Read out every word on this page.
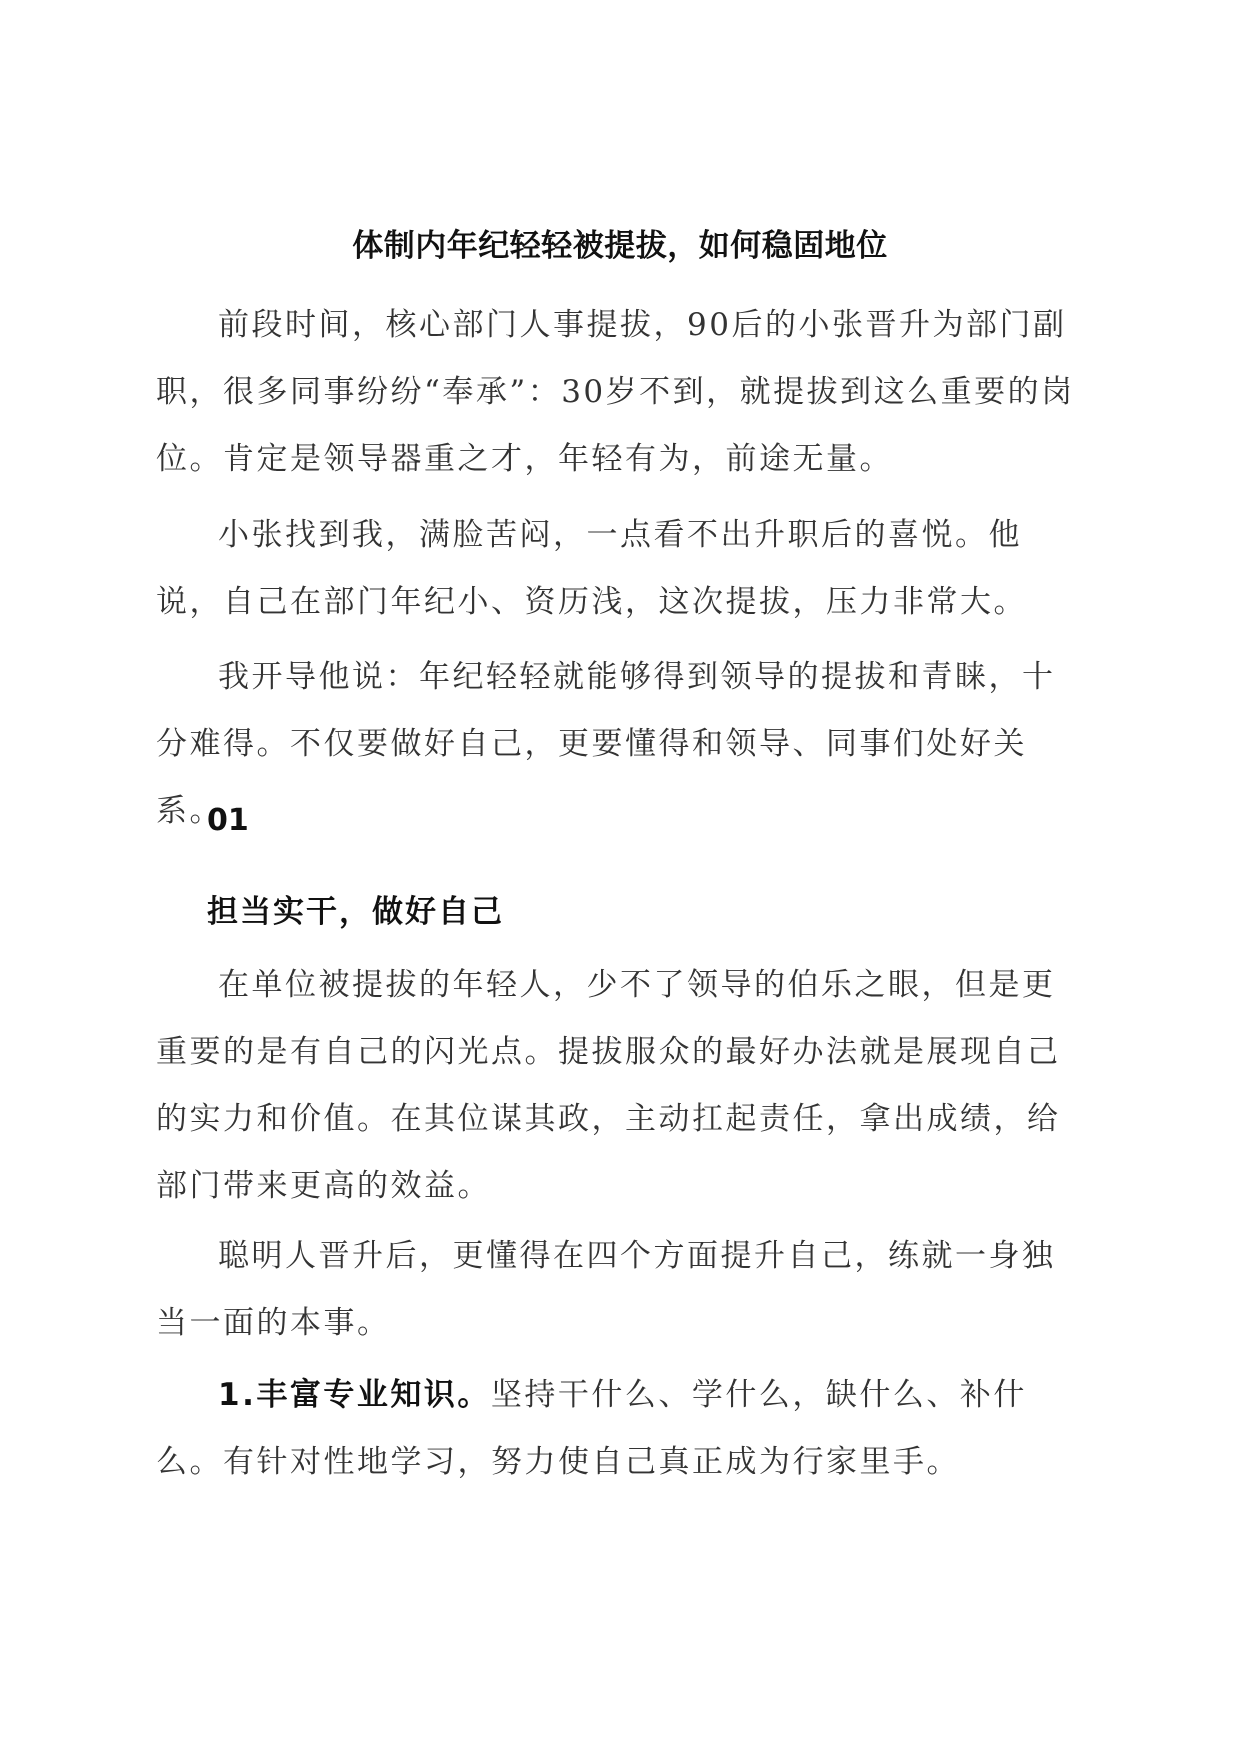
体制内年纪轻轻被提拔，如何稳固地位

前段时间，核心部门人事提拔，90后的小张晋升为部门副职，很多同事纷纷“奉承”：30岁不到，就提拔到这么重要的岗位。肯定是领导器重之才，年轻有为，前途无量。

小张找到我，满脸苦闷，一点看不出升职后的喜悦。他说，自己在部门年纪小、资历浅，这次提拔，压力非常大。

我开导他说：年纪轻轻就能够得到领导的提拔和青睐，十分难得。不仅要做好自己，更要懂得和领导、同事们处好关系。

01
担当实干，做好自己

在单位被提拔的年轻人，少不了领导的伯乐之眼，但是更重要的是有自己的闪光点。提拔服众的最好办法就是展现自己的实力和价值。在其位谋其政，主动扛起责任，拿出成绩，给部门带来更高的效益。

聪明人晋升后，更懂得在四个方面提升自己，练就一身独当一面的本事。

1.丰富专业知识。坚持干什么、学什么，缺什么、补什么。有针对性地学习，努力使自己真正成为行家里手。
